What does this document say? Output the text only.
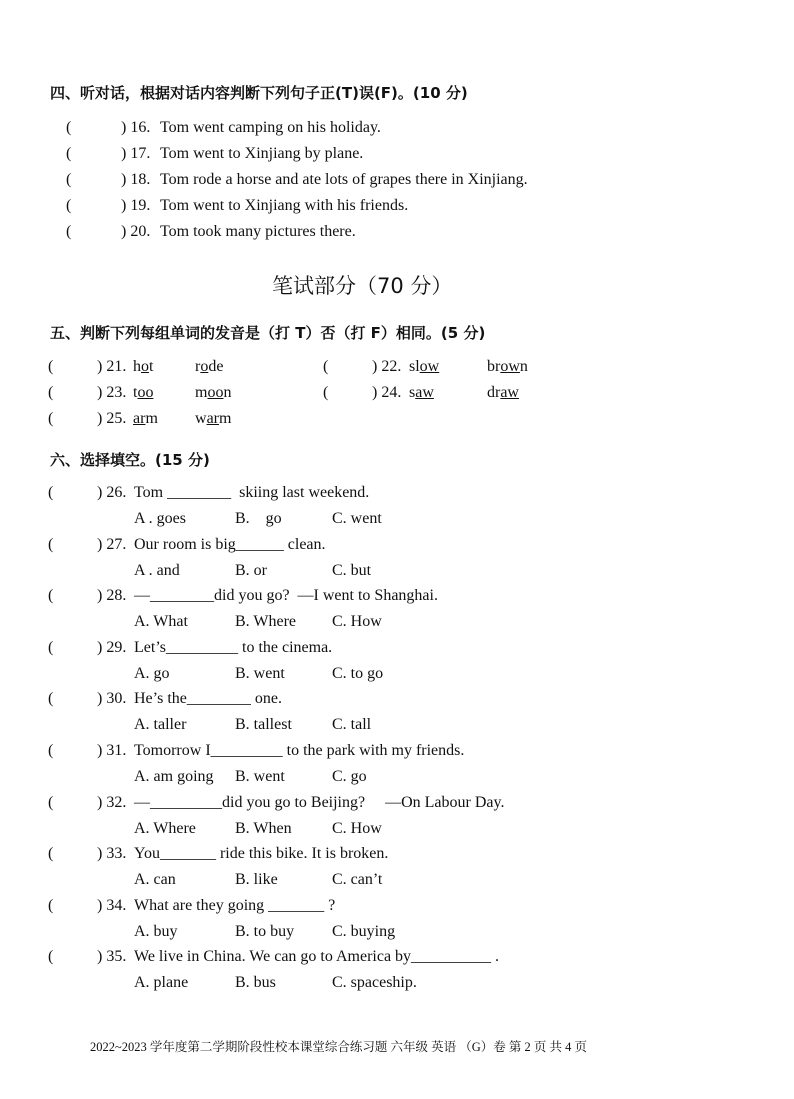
四、听对话，根据对话内容判断下列句子正(T)误(F)。(10 分)
(	) 16. Tom went camping on his holiday.
(	) 17. Tom went to Xinjiang by plane.
(	) 18. Tom rode a horse and ate lots of grapes there in Xinjiang.
(	) 19. Tom went to Xinjiang with his friends.
(	) 20. Tom took many pictures there.
笔试部分（70 分）
五、判断下列每组单词的发音是（打 T）否（打 F）相同。(5 分)
(	) 21. hot	rode	(	) 22. slow	brown
(	) 23. too	moon	(	) 24. saw	draw
(	) 25. arm warm
六、选择填空。(15 分)
(	) 26. Tom ________  skiing last weekend.
A . goes	B.    go	C. went
(	) 27. Our room is big______ clean.
A . and	B. or	C. but
(	) 28. —________did you go?  —I went to Shanghai.
A. What	B. Where C. How
(	) 29. Let’s_________ to the cinema.
A. go	B. went	C. to go
(	) 30. He’s the________ one.
A. taller	B. tallest	C. tall
(	) 31. Tomorrow I_________ to the park with my friends.
A. am going B. went	C. go
(	) 32. —_________did you go to Beijing?     —On Labour Day.
A. Where B. When	C. How
(	) 33. You_______ ride this bike. It is broken.
A. can	B. like	C. can’t
(	) 34. What are they going _______ ?
A. buy	B. to buy C. buying
(	) 35. We live in China. We can go to America by__________ .
A. plane	B. bus	C. spaceship.
2022~2023 学年度第二学期阶段性校本课堂综合练习题 六年级 英语 （G）卷 第 2 页 共 4 页
